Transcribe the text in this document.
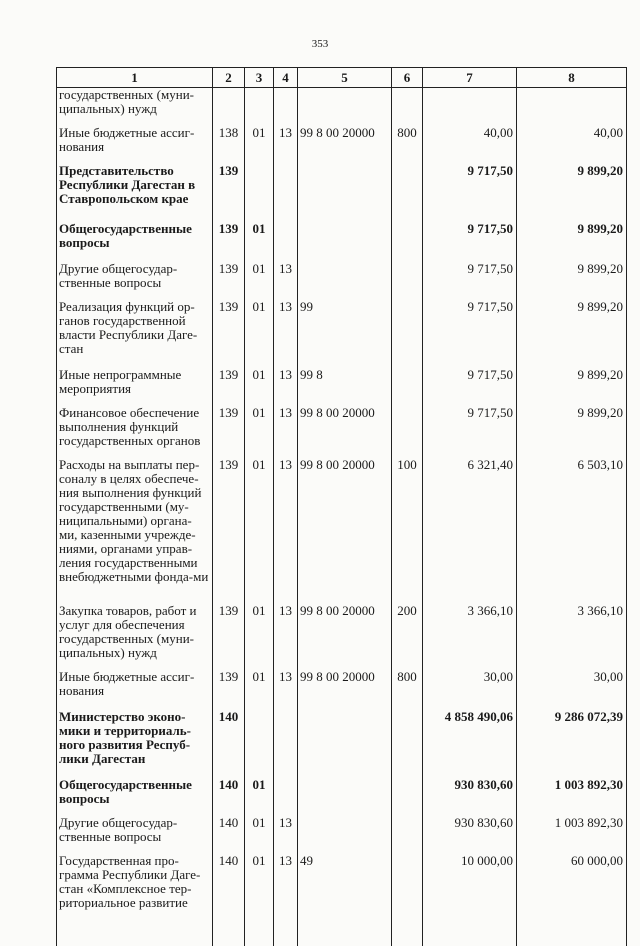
353
1	2	3	4	5	6	7	8
государственных (муни-ципальных) нужд							
Иные бюджетные ассиг-нования	138	01	13	99 8 00 20000	800	40,00	40,00
Представительство Республики Дагестан в Ставропольском крае	139					9 717,50	9 899,20
Общегосударственные вопросы	139	01				9 717,50	9 899,20
Другие общегосудар-ственные вопросы	139	01	13			9 717,50	9 899,20
Реализация функций ор-ганов государственной власти Республики Даге-стан	139	01	13	99		9 717,50	9 899,20
Иные непрограммные мероприятия	139	01	13	99 8		9 717,50	9 899,20
Финансовое обеспечение выполнения функций государственных органов	139	01	13	99 8 00 20000		9 717,50	9 899,20
Расходы на выплаты пер-соналу в целях обеспече-ния выполнения функций государственными (му-ниципальными) органа-ми, казенными учрежде-ниями, органами управ-ления государственными внебюджетными фонда-ми	139	01	13	99 8 00 20000	100	6 321,40	6 503,10
Закупка товаров, работ и услуг для обеспечения государственных (муни-ципальных) нужд	139	01	13	99 8 00 20000	200	3 366,10	3 366,10
Иные бюджетные ассиг-нования	139	01	13	99 8 00 20000	800	30,00	30,00
Министерство эконо-мики и территориаль-ного развития Респуб-лики Дагестан	140					4 858 490,06	9 286 072,39
Общегосударственные вопросы	140	01				930 830,60	1 003 892,30
Другие общегосудар-ственные вопросы	140	01	13			930 830,60	1 003 892,30
Государственная про-грамма Республики Даге-стан «Комплексное тер-риториальное развитие	140	01	13	49		10 000,00	60 000,00
